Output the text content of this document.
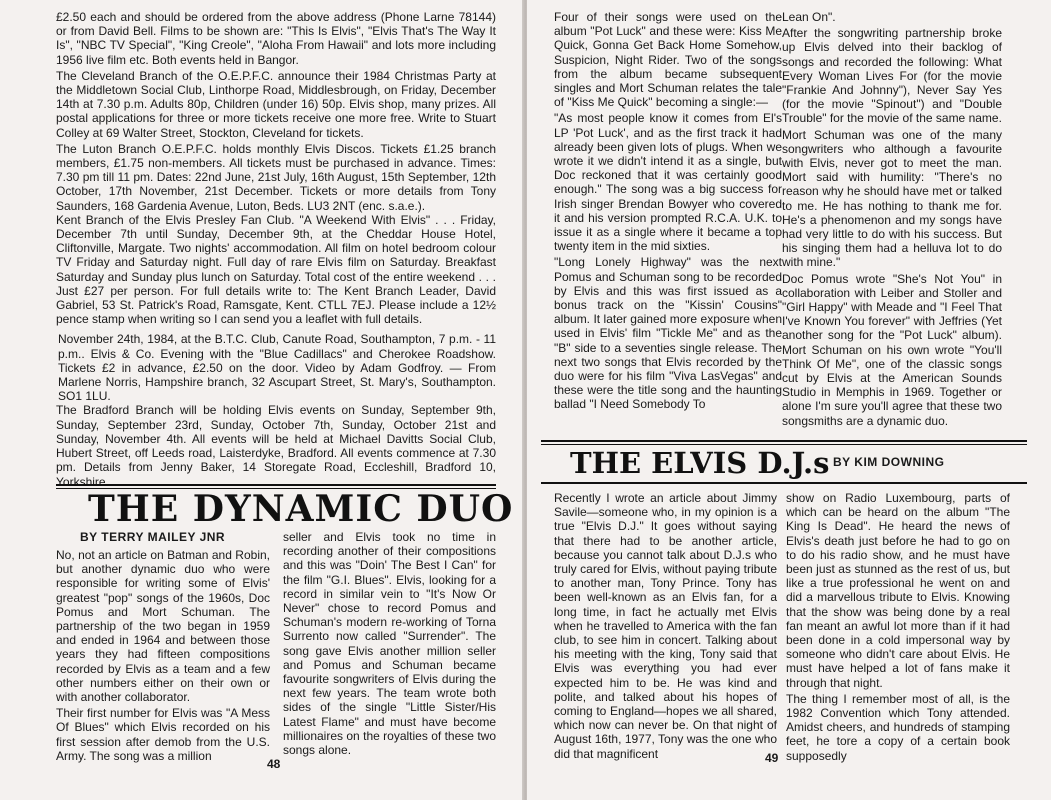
£2.50 each and should be ordered from the above address (Phone Larne 78144) or from David Bell. Films to be shown are: "This Is Elvis", "Elvis That's The Way It Is", "NBC TV Special", "King Creole", "Aloha From Hawaii" and lots more including 1956 live film etc. Both events held in Bangor.

The Cleveland Branch of the O.E.P.F.C. announce their 1984 Christmas Party at the Middletown Social Club, Linthorpe Road, Middlesbrough, on Friday, December 14th at 7.30 p.m. Adults 80p, Children (under 16) 50p. Elvis shop, many prizes. All postal applications for three or more tickets receive one more free. Write to Stuart Colley at 69 Walter Street, Stockton, Cleveland for tickets.

The Luton Branch O.E.P.F.C. holds monthly Elvis Discos. Tickets £1.25 branch members, £1.75 non-members. All tickets must be purchased in advance. Times: 7.30 pm till 11 pm. Dates: 22nd June, 21st July, 16th August, 15th September, 12th October, 17th November, 21st December. Tickets or more details from Tony Saunders, 168 Gardenia Avenue, Luton, Beds. LU3 2NT (enc. s.a.e.).

Kent Branch of the Elvis Presley Fan Club. "A Weekend With Elvis" . . . Friday, December 7th until Sunday, December 9th, at the Cheddar House Hotel, Cliftonville, Margate. Two nights' accommodation. All film on hotel bedroom colour TV Friday and Saturday night. Full day of rare Elvis film on Saturday. Breakfast Saturday and Sunday plus lunch on Saturday. Total cost of the entire weekend . . . Just £27 per person. For full details write to: The Kent Branch Leader, David Gabriel, 53 St. Patrick's Road, Ramsgate, Kent. CTLL 7EJ. Please include a 12½ pence stamp when writing so I can send you a leaflet with full details.

November 24th, 1984, at the B.T.C. Club, Canute Road, Southampton, 7 p.m. - 11 p.m.. Elvis & Co. Evening with the "Blue Cadillacs" and Cherokee Roadshow. Tickets £2 in advance, £2.50 on the door. Video by Adam Godfroy. — From Marlene Norris, Hampshire branch, 32 Ascupart Street, St. Mary's, Southampton. SO1 1LU.

The Bradford Branch will be holding Elvis events on Sunday, September 9th, Sunday, September 23rd, Sunday, October 7th, Sunday, October 21st and Sunday, November 4th. All events will be held at Michael Davitts Social Club, Hubert Street, off Leeds road, Laisterdyke, Bradford. All events commence at 7.30 pm. Details from Jenny Baker, 14 Storegate Road, Eccleshill, Bradford 10, Yorkshire.

THE DYNAMIC DUO
BY TERRY MAILEY JNR

No, not an article on Batman and Robin, but another dynamic duo who were responsible for writing some of Elvis' greatest "pop" songs of the 1960s, Doc Pomus and Mort Schuman. The partnership of the two began in 1959 and ended in 1964 and between those years they had fifteen compositions recorded by Elvis as a team and a few other numbers either on their own or with another collaborator.

Their first number for Elvis was "A Mess Of Blues" which Elvis recorded on his first session after demob from the U.S. Army. The song was a million

seller and Elvis took no time in recording another of their compositions and this was "Doin' The Best I Can" for the film "G.I. Blues". Elvis, looking for a record in similar vein to "It's Now Or Never" chose to record Pomus and Schuman's modern re-working of Torna Surrento now called "Surrender". The song gave Elvis another million seller and Pomus and Schuman became favourite songwriters of Elvis during the next few years. The team wrote both sides of the single "Little Sister/His Latest Flame" and must have become millionaires on the royalties of these two songs alone.

48

Four of their songs were used on the album "Pot Luck" and these were: Kiss Me Quick, Gonna Get Back Home Somehow, Suspicion, Night Rider. Two of the songs from the album became subsequent singles and Mort Schuman relates the tale of "Kiss Me Quick" becoming a single:—

"As most people know it comes from El's LP 'Pot Luck', and as the first track it had already been given lots of plugs. When we wrote it we didn't intend it as a single, but Doc reckoned that it was certainly good enough." The song was a big success for Irish singer Brendan Bowyer who covered it and his version prompted R.C.A. U.K. to issue it as a single where it became a top twenty item in the mid sixties.

"Long Lonely Highway" was the next Pomus and Schuman song to be recorded by Elvis and this was first issued as a bonus track on the "Kissin' Cousins" album. It later gained more exposure when used in Elvis' film "Tickle Me" and as the "B" side to a seventies single release. The next two songs that Elvis recorded by the duo were for his film "Viva LasVegas" and these were the title song and the haunting ballad "I Need Somebody To

Lean On".

After the songwriting partnership broke up Elvis delved into their backlog of songs and recorded the following: What Every Woman Lives For (for the movie "Frankie And Johnny"), Never Say Yes (for the movie "Spinout") and "Double Trouble" for the movie of the same name.

Mort Schuman was one of the many songwriters who although a favourite with Elvis, never got to meet the man. Mort said with humility: "There's no reason why he should have met or talked to me. He has nothing to thank me for. He's a phenomenon and my songs have had very little to do with his success. But his singing them had a helluva lot to do with mine."

Doc Pomus wrote "She's Not You" in collaboration with Leiber and Stoller and "Girl Happy" with Meade and "I Feel That I've Known You forever" with Jeffries (Yet another song for the "Pot Luck" album). Mort Schuman on his own wrote "You'll Think Of Me", one of the classic songs cut by Elvis at the American Sounds Studio in Memphis in 1969. Together or alone I'm sure you'll agree that these two songsmiths are a dynamic duo.

THE ELVIS D.J.s BY KIM DOWNING

Recently I wrote an article about Jimmy Savile—someone who, in my opinion is a true "Elvis D.J." It goes without saying that there had to be another article, because you cannot talk about D.J.s who truly cared for Elvis, without paying tribute to another man, Tony Prince. Tony has been well-known as an Elvis fan, for a long time, in fact he actually met Elvis when he travelled to America with the fan club, to see him in concert. Talking about his meeting with the king, Tony said that Elvis was everything you had ever expected him to be. He was kind and polite, and talked about his hopes of coming to England—hopes we all shared, which now can never be. On that night of August 16th, 1977, Tony was the one who did that magnificent

show on Radio Luxembourg, parts of which can be heard on the album "The King Is Dead". He heard the news of Elvis's death just before he had to go on to do his radio show, and he must have been just as stunned as the rest of us, but like a true professional he went on and did a marvellous tribute to Elvis. Knowing that the show was being done by a real fan meant an awful lot more than if it had been done in a cold impersonal way by someone who didn't care about Elvis. He must have helped a lot of fans make it through that night.

The thing I remember most of all, is the 1982 Convention which Tony attended. Amidst cheers, and hundreds of stamping feet, he tore a copy of a certain book supposedly

49
